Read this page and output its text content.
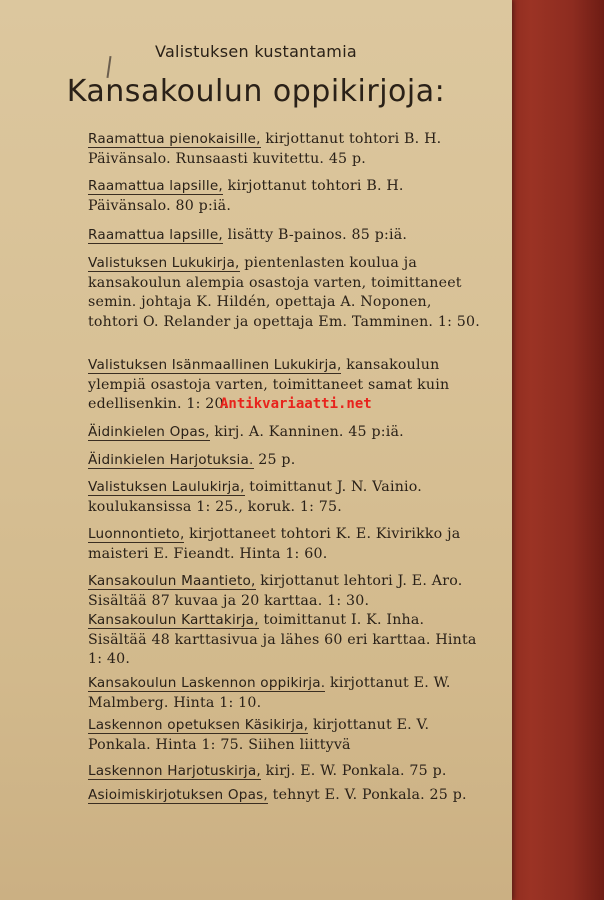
Valistuksen kustantamia
Kansakoulun oppikirjoja:
Raamattua pienokaisille, kirjottanut tohtori B. H. Päivänsalo. Runsaasti kuvitettu. 45 p.
Raamattua lapsille, kirjottanut tohtori B. H. Päivänsalo. 80 p:iä.
Raamattua lapsille, lisätty B-painos. 85 p:iä.
Valistuksen Lukukirja, pientenlasten koulua ja kansakoulun alempia osastoja varten, toimittaneet semin. johtaja K. Hildén, opettaja A. Noponen, tohtori O. Relander ja opettaja Em. Tamminen. 1: 50.
Valistuksen Isänmaallinen Lukukirja, kansakoulun ylempiä osastoja varten, toimittaneet samat kuin edellisenkin. 1: 20.
Äidinkielen Opas, kirj. A. Kanninen. 45 p:iä.
Äidinkielen Harjotuksia. 25 p.
Valistuksen Laulukirja, toimittanut J. N. Vainio. koulukansissa 1: 25., koruk. 1: 75.
Luonnontieto, kirjottaneet tohtori K. E. Kivirikko ja maisteri E. Fieandt. Hinta 1: 60.
Kansakoulun Maantieto, kirjottanut lehtori J. E. Aro. Sisältää 87 kuvaa ja 20 karttaa. 1: 30.
Kansakoulun Karttakirja, toimittanut I. K. Inha. Sisältää 48 karttasivua ja lähes 60 eri karttaa. Hinta 1: 40.
Kansakoulun Laskennon oppikirja. kirjottanut E. W. Malmberg. Hinta 1: 10.
Laskennon opetuksen Käsikirja, kirjottanut E. V. Ponkala. Hinta 1: 75. Siihen liittyvä
Laskennon Harjotuskirja, kirj. E. W. Ponkala. 75 p.
Asioimiskirjotuksen Opas, tehnyt E. V. Ponkala. 25 p.
Antikvariaatti.net
